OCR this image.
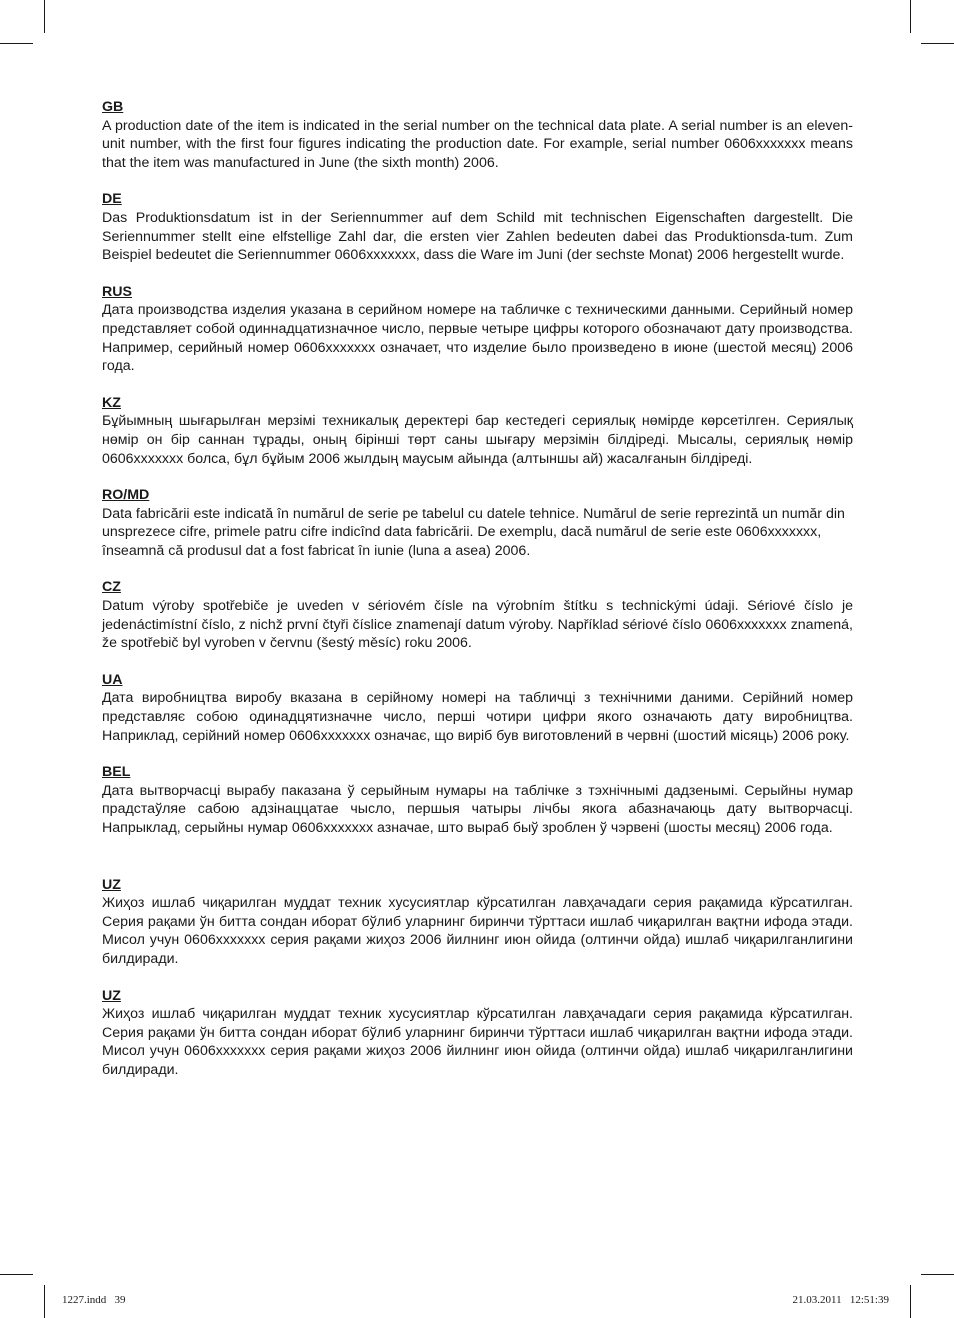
GB

A production date of the item is indicated in the serial number on the technical data plate. A serial number is an eleven-unit number, with the first four figures indicating the production date. For example, serial number 0606xxxxxxx means that the item was manufactured in June (the sixth month) 2006.

DE

Das Produktionsdatum ist in der Seriennummer auf dem Schild mit technischen Eigenschaften dargestellt. Die Seriennummer stellt eine elfstellige Zahl dar, die ersten vier Zahlen bedeuten dabei das Produktionsda-tum. Zum Beispiel bedeutet die Seriennummer 0606xxxxxxx, dass die Ware im Juni (der sechste Monat) 2006 hergestellt wurde.

RUS

Дата производства изделия указана в серийном номере на табличке с техническими данными. Серийный номер представляет собой одиннадцатизначное число, первые четыре цифры которого обозначают дату производства. Например, серийный номер 0606xxxxxxx означает, что изделие было произведено в июне (шестой месяц) 2006 года.

KZ

Бұйымның шығарылған мерзімі техникалық деректері бар кестедегі сериялық нөмірде көрсетілген. Сериялық нөмір он бір саннан тұрады, оның бірінші төрт саны шығару мерзімін білдіреді. Мысалы, сериялық нөмір 0606xxxxxxx болса, бұл бұйым 2006 жылдың маусым айында (алтыншы ай) жасалғанын білдіреді.

RO/MD

Data fabricării este indicată în numărul de serie pe tabelul cu datele tehnice. Numărul de serie reprezintă un număr din unsprezece cifre, primele patru cifre indicînd data fabricării. De exemplu, dacă numărul de serie este 0606xxxxxxx, înseamnă că produsul dat a fost fabricat în iunie (luna a asea) 2006.

CZ

Datum výroby spotřebiče je uveden v sériovém čísle na výrobním štítku s technickými údaji. Sériové číslo je jedenáctimístní číslo, z nichž první čtyři číslice znamenají datum výroby. Například sériové číslo 0606xxxxxxx znamená, že spotřebič byl vyroben v červnu (šestý měsíc) roku 2006.

UA

Дата виробництва виробу вказана в серійному номері на табличці з технічними даними. Серійний номер представляє собою одинадцятизначне число, перші чотири цифри якого означають дату виробництва. Наприклад, серійний номер 0606xxxxxxx означає, що виріб був виготовлений в червні (шостий місяць) 2006 року.

BEL

Дата вытворчасці вырабу паказана ў серыйным нумары на таблічке з тэхнічнымі дадзенымі. Серыйны нумар прадстаўляе сабою адзінаццатае чысло, першыя чатыры лічбы якога абазначаюць дату вытворчасці. Напрыклад, серыйны нумар 0606xxxxxxx азначае, што выраб быў зроблен ў чэрвені (шосты месяц) 2006 года.

UZ

Жиҳоз ишлаб чиқарилган муддат техник хусусиятлар кўрсатилган лавҳачадаги серия рақамида кўрсатилган. Серия рақами ўн битта сондан иборат бўлиб уларнинг биринчи тўрттаси ишлаб чиқарилган вақтни ифода этади. Мисол учун 0606xxxxxxx серия рақами жиҳоз 2006 йилнинг июн ойида (олтинчи ойда) ишлаб чиқарилганлигини билдиради.

UZ

Жиҳоз ишлаб чиқарилган муддат техник хусусиятлар кўрсатилган лавҳачадаги серия рақамида кўрсатилган. Серия рақами ўн битта сондан иборат бўлиб уларнинг биринчи тўрттаси ишлаб чиқарилган вақтни ифода этади. Мисол учун 0606xxxxxxx серия рақами жиҳоз 2006 йилнинг июн ойида (олтинчи ойда) ишлаб чиқарилганлигини билдиради.

1227.indd   39	21.03.2011   12:51:39
